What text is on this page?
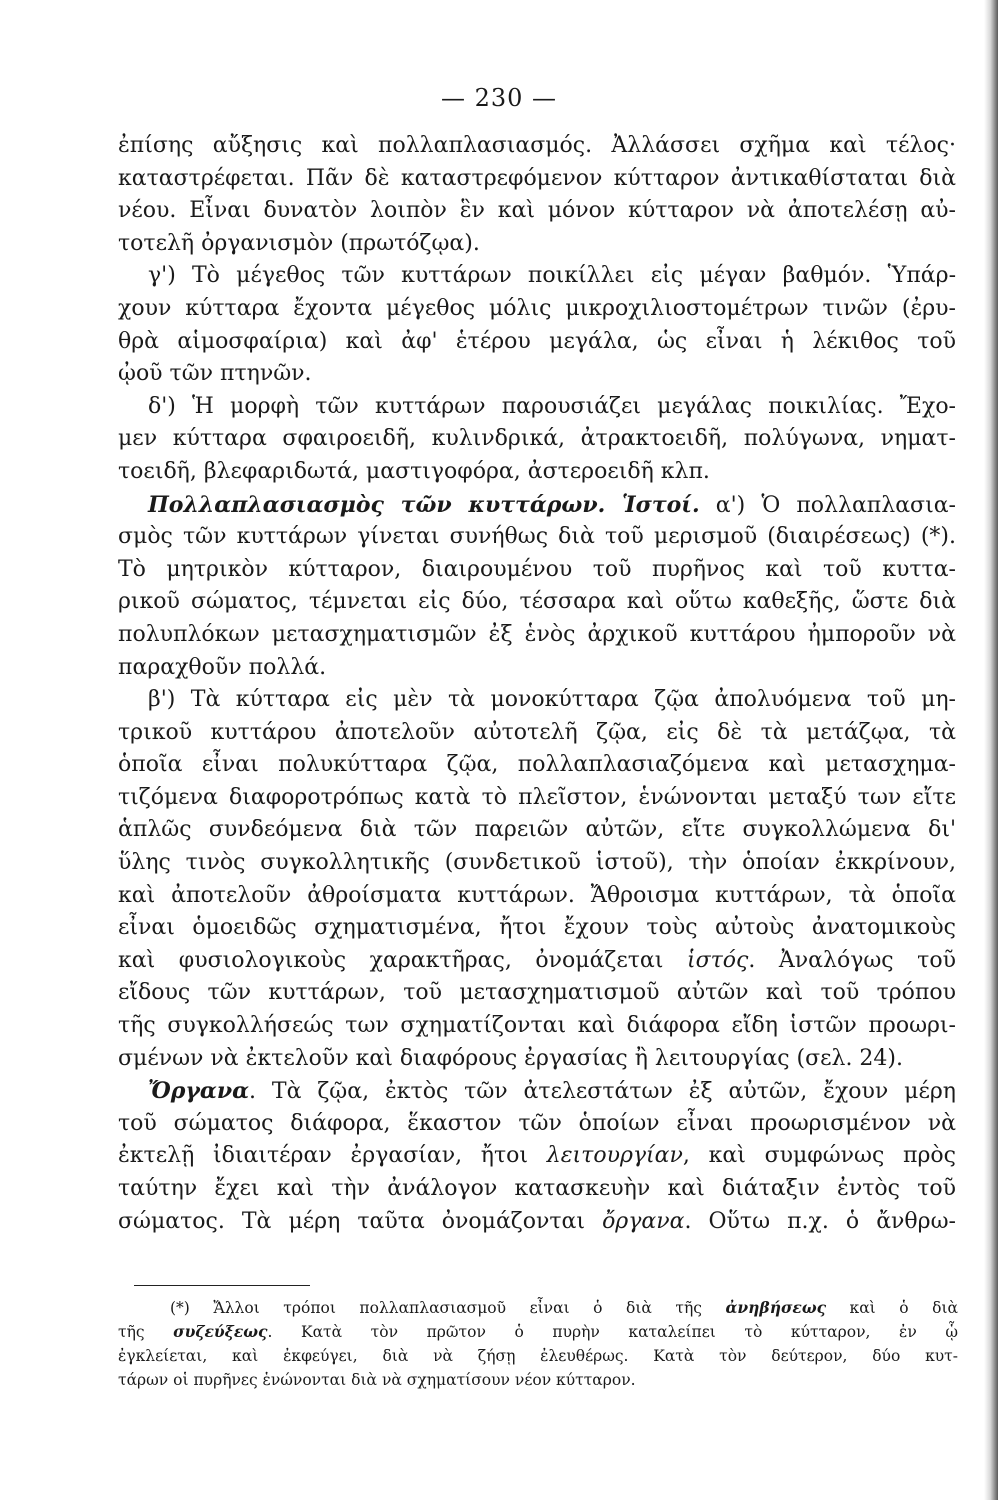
— 230 —
ἐπίσης αὔξησις καὶ πολλαπλασιασμός. Ἀλλάσσει σχῆμα καὶ τέλος·
καταστρέφεται. Πᾶν δὲ καταστρεφόμενον κύτταρον ἀντικαθίσταται διὰ
νέου. Εἶναι δυνατὸν λοιπὸν ἓν καὶ μόνον κύτταρον νὰ ἀποτελέσῃ αὐ-
τοτελῆ ὀργανισμὸν (πρωτόζῳα).
γ') Τὸ μέγεθος τῶν κυττάρων ποικίλλει εἰς μέγαν βαθμόν. Ὑπάρ-
χουν κύτταρα ἔχοντα μέγεθος μόλις μικροχιλιοστομέτρων τινῶν (ἐρυ-
θρὰ αἱμοσφαίρια) καὶ ἀφ' ἑτέρου μεγάλα, ὡς εἶναι ἡ λέκιθος τοῦ
ᾠοῦ τῶν πτηνῶν.
δ') Ἡ μορφὴ τῶν κυττάρων παρουσιάζει μεγάλας ποικιλίας. Ἔχο-
μεν κύτταρα σφαιροειδῆ, κυλινδρικά, ἀτρακτοειδῆ, πολύγωνα, νηματ-
τοειδῆ, βλεφαριδωτά, μαστιγοφόρα, ἀστεροειδῆ κλπ.
Πολλαπλασιασμὸς τῶν κυττάρων. Ἱστοί. α') Ὁ πολλαπλασια-
σμὸς τῶν κυττάρων γίνεται συνήθως διὰ τοῦ μερισμοῦ (διαιρέσεως) (*).
Τὸ μητρικὸν κύτταρον, διαιρουμένου τοῦ πυρῆνος καὶ τοῦ κυττα-
ρικοῦ σώματος, τέμνεται εἰς δύο, τέσσαρα καὶ οὕτω καθεξῆς, ὥστε διὰ
πολυπλόκων μετασχηματισμῶν ἐξ ἑνὸς ἀρχικοῦ κυττάρου ἠμποροῦν νὰ
παραχθοῦν πολλά.
β') Τὰ κύτταρα εἰς μὲν τὰ μονοκύτταρα ζῷα ἀπολυόμενα τοῦ μη-
τρικοῦ κυττάρου ἀποτελοῦν αὐτοτελῆ ζῷα, εἰς δὲ τὰ μετάζῳα, τὰ
ὁποῖα εἶναι πολυκύτταρα ζῷα, πολλαπλασιαζόμενα καὶ μετασχημα-
τιζόμενα διαφοροτρόπως κατὰ τὸ πλεῖστον, ἑνώνονται μεταξύ των εἴτε
ἁπλῶς συνδεόμενα διὰ τῶν παρειῶν αὐτῶν, εἴτε συγκολλώμενα δι'
ὕλης τινὸς συγκολλητικῆς (συνδετικοῦ ἱστοῦ), τὴν ὁποίαν ἐκκρίνουν,
καὶ ἀποτελοῦν ἀθροίσματα κυττάρων. Ἄθροισμα κυττάρων, τὰ ὁποῖα
εἶναι ὁμοειδῶς σχηματισμένα, ἤτοι ἔχουν τοὺς αὐτοὺς ἀνατομικοὺς
καὶ φυσιολογικοὺς χαρακτῆρας, ὀνομάζεται ἱστός. Ἀναλόγως τοῦ
εἴδους τῶν κυττάρων, τοῦ μετασχηματισμοῦ αὐτῶν καὶ τοῦ τρόπου
τῆς συγκολλήσεώς των σχηματίζονται καὶ διάφορα εἴδη ἱστῶν προωρι-
σμένων νὰ ἐκτελοῦν καὶ διαφόρους ἐργασίας ἢ λειτουργίας (σελ. 24).
Ὄργανα. Τὰ ζῷα, ἐκτὸς τῶν ἀτελεστάτων ἐξ αὐτῶν, ἔχουν μέρη
τοῦ σώματος διάφορα, ἕκαστον τῶν ὁποίων εἶναι προωρισμένον νὰ
ἐκτελῇ ἰδιαιτέραν ἐργασίαν, ἤτοι λειτουργίαν, καὶ συμφώνως πρὸς
ταύτην ἔχει καὶ τὴν ἀνάλογον κατασκευὴν καὶ διάταξιν ἐντὸς τοῦ
σώματος. Τὰ μέρη ταῦτα ὀνομάζονται ὄργανα. Οὕτω π.χ. ὁ ἄνθρω-
(*) Ἄλλοι τρόποι πολλαπλασιασμοῦ εἶναι ὁ διὰ τῆς ἀνηβήσεως καὶ ὁ διὰ
τῆς συζεύξεως. Κατὰ τὸν πρῶτον ὁ πυρὴν καταλείπει τὸ κύτταρον, ἐν ᾧ
ἐγκλείεται, καὶ ἐκφεύγει, διὰ νὰ ζήσῃ ἐλευθέρως. Κατὰ τὸν δεύτερον, δύο κυτ-
τάρων οἱ πυρῆνες ἑνώνονται διὰ νὰ σχηματίσουν νέον κύτταρον.
